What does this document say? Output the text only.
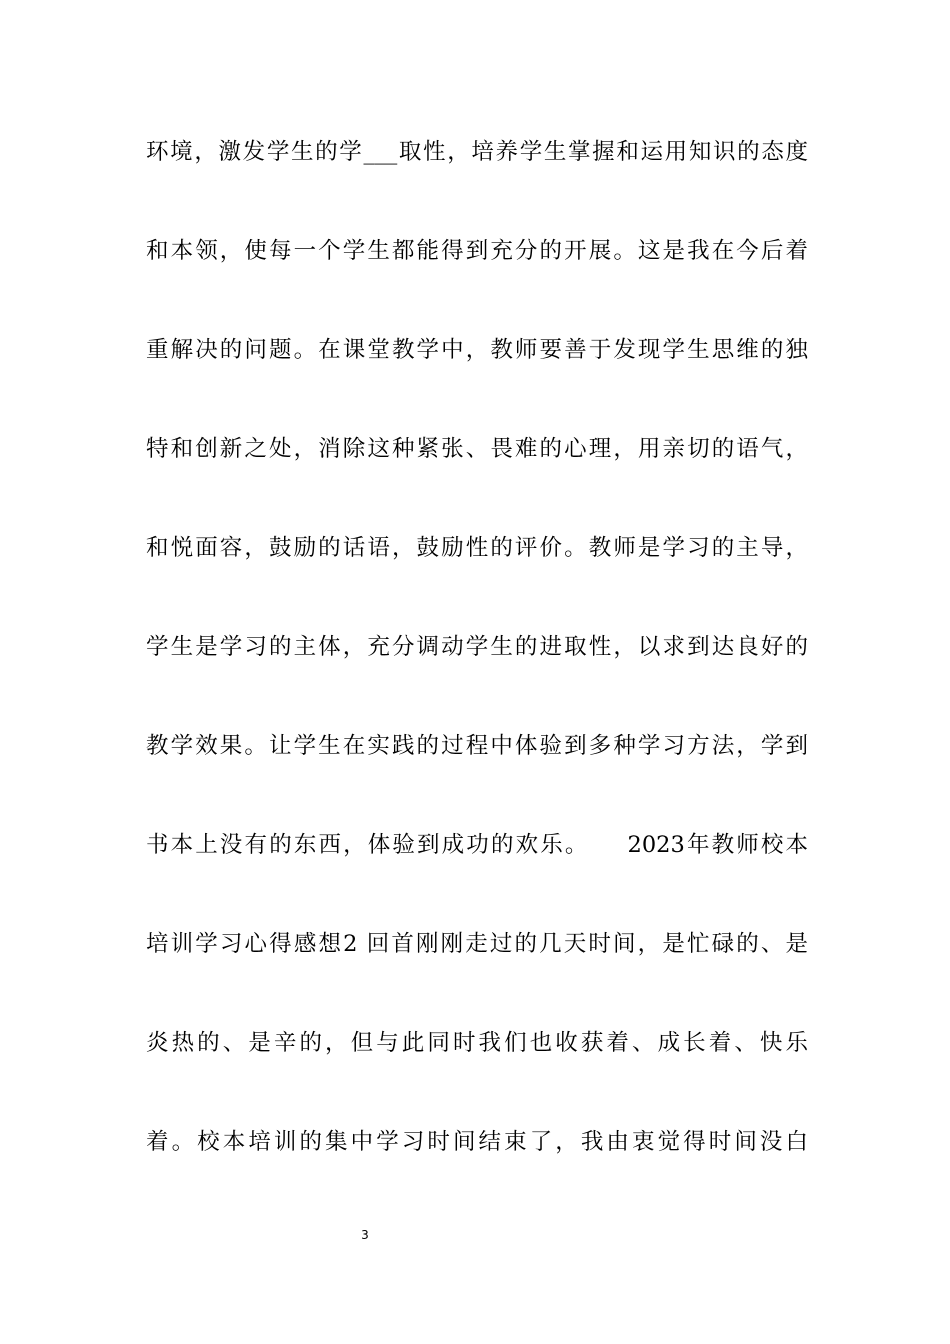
环境，激发学生的学___取性，培养学生掌握和运用知识的态度
和本领，使每一个学生都能得到充分的开展。这是我在今后着
重解决的问题。在课堂教学中，教师要善于发现学生思维的独
特和创新之处，消除这种紧张、畏难的心理，用亲切的语气，
和悦面容，鼓励的话语，鼓励性的评价。教师是学习的主导，
学生是学习的主体，充分调动学生的进取性，以求到达良好的
教学效果。让学生在实践的过程中体验到多种学习方法，学到
书本上没有的东西，体验到成功的欢乐。　　2023年教师校本
培训学习心得感想2 回首刚刚走过的几天时间，是忙碌的、是
炎热的、是辛的，但与此同时我们也收获着、成长着、快乐
着。校本培训的集中学习时间结束了，我由衷觉得时间没白
3
